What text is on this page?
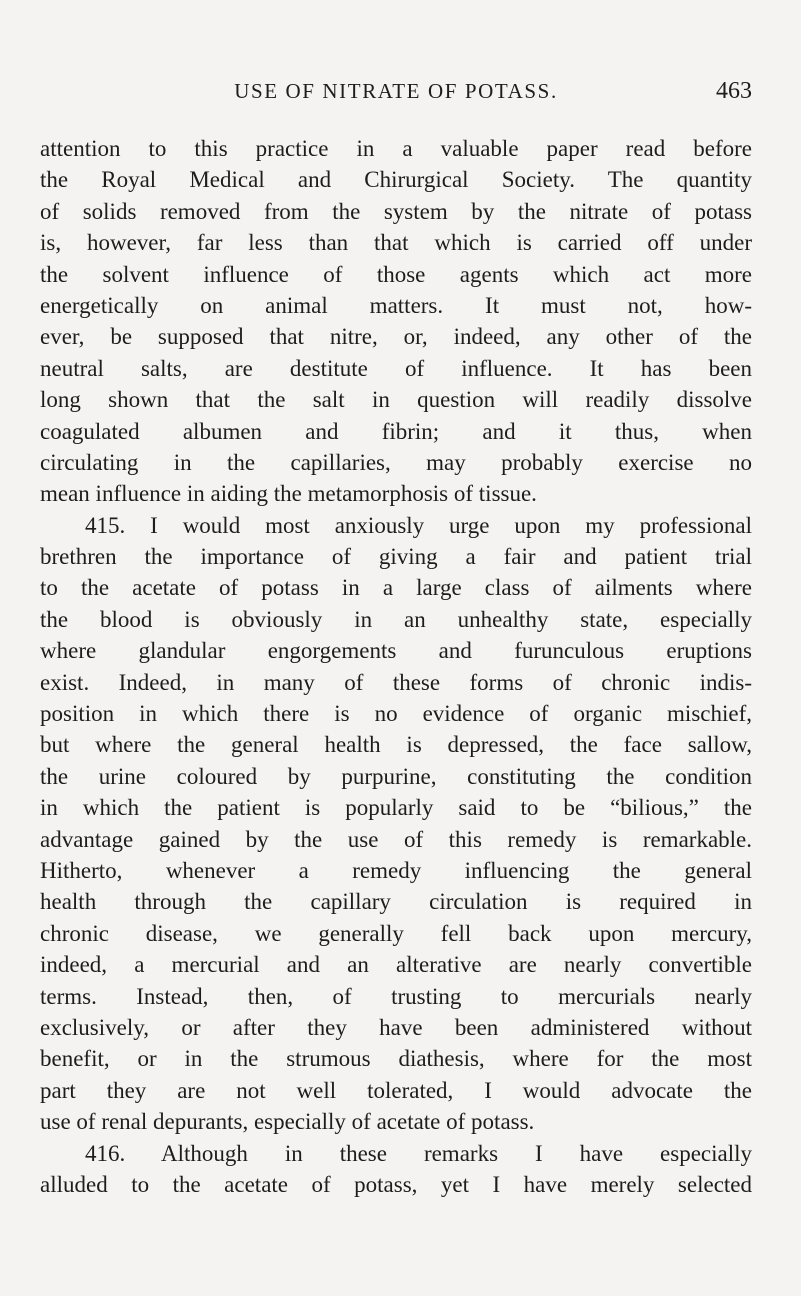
USE OF NITRATE OF POTASS.	463
attention to this practice in a valuable paper read before
the Royal Medical and Chirurgical Society. The quantity
of solids removed from the system by the nitrate of potass
is, however, far less than that which is carried off under
the solvent influence of those agents which act more
energetically on animal matters. It must not, how-
ever, be supposed that nitre, or, indeed, any other of the
neutral salts, are destitute of influence. It has been
long shown that the salt in question will readily dissolve
coagulated albumen and fibrin; and it thus, when
circulating in the capillaries, may probably exercise no
mean influence in aiding the metamorphosis of tissue.
415. I would most anxiously urge upon my professional
brethren the importance of giving a fair and patient trial
to the acetate of potass in a large class of ailments where
the blood is obviously in an unhealthy state, especially
where glandular engorgements and furunculous eruptions
exist. Indeed, in many of these forms of chronic indis-
position in which there is no evidence of organic mischief,
but where the general health is depressed, the face sallow,
the urine coloured by purpurine, constituting the condition
in which the patient is popularly said to be “bilious,” the
advantage gained by the use of this remedy is remarkable.
Hitherto, whenever a remedy influencing the general
health through the capillary circulation is required in
chronic disease, we generally fell back upon mercury,
indeed, a mercurial and an alterative are nearly convertible
terms. Instead, then, of trusting to mercurials nearly
exclusively, or after they have been administered without
benefit, or in the strumous diathesis, where for the most
part they are not well tolerated, I would advocate the
use of renal depurants, especially of acetate of potass.
416. Although in these remarks I have especially
alluded to the acetate of potass, yet I have merely selected
